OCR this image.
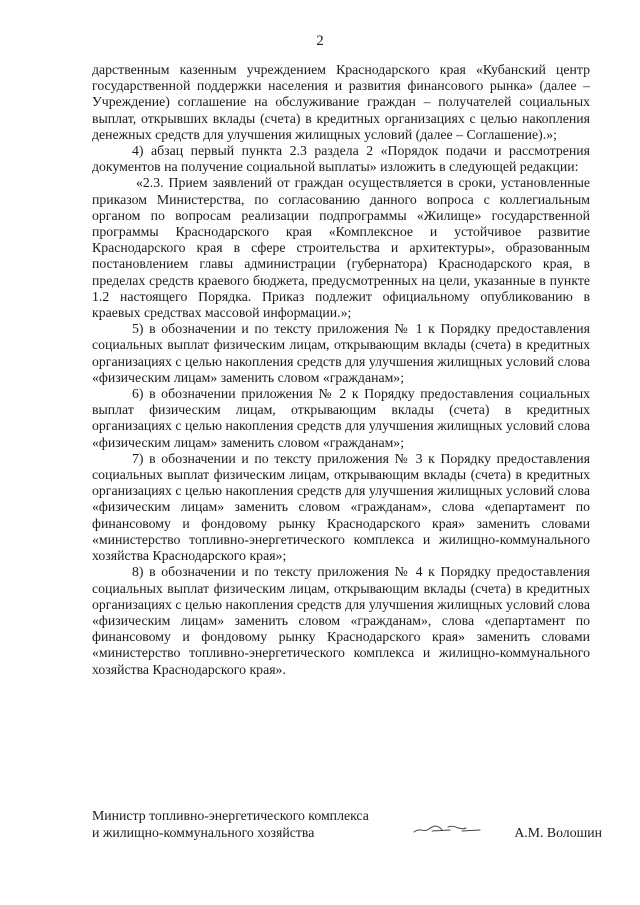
2

дарственным казенным учреждением Краснодарского края «Кубанский центр государственной поддержки населения и развития финансового рынка» (далее – Учреждение) соглашение на обслуживание граждан – получателей социальных выплат, открывших вклады (счета) в кредитных организациях с целью накопления денежных средств для улучшения жилищных условий (далее – Соглашение).»;

4) абзац первый пункта 2.3 раздела 2 «Порядок подачи и рассмотрения документов на получение социальной выплаты» изложить в следующей редакции:

«2.3. Прием заявлений от граждан осуществляется в сроки, установленные приказом Министерства, по согласованию данного вопроса с коллегиальным органом по вопросам реализации подпрограммы «Жилище» государственной программы Краснодарского края «Комплексное и устойчивое развитие Краснодарского края в сфере строительства и архитектуры», образованным постановлением главы администрации (губернатора) Краснодарского края, в пределах средств краевого бюджета, предусмотренных на цели, указанные в пункте 1.2 настоящего Порядка. Приказ подлежит официальному опубликованию в краевых средствах массовой информации.»;

5) в обозначении и по тексту приложения № 1 к Порядку предоставления социальных выплат физическим лицам, открывающим вклады (счета) в кредитных организациях с целью накопления средств для улучшения жилищных условий слова «физическим лицам» заменить словом «гражданам»;

6) в обозначении приложения № 2 к Порядку предоставления социальных выплат физическим лицам, открывающим вклады (счета) в кредитных организациях с целью накопления средств для улучшения жилищных условий слова «физическим лицам» заменить словом «гражданам»;

7) в обозначении и по тексту приложения № 3 к Порядку предоставления социальных выплат физическим лицам, открывающим вклады (счета) в кредитных организациях с целью накопления средств для улучшения жилищных условий слова «физическим лицам» заменить словом «гражданам», слова «департамент по финансовому и фондовому рынку Краснодарского края» заменить словами «министерство топливно-энергетического комплекса и жилищно-коммунального хозяйства Краснодарского края»;

8) в обозначении и по тексту приложения № 4 к Порядку предоставления социальных выплат физическим лицам, открывающим вклады (счета) в кредитных организациях с целью накопления средств для улучшения жилищных условий слова «физическим лицам» заменить словом «гражданам», слова «департамент по финансовому и фондовому рынку Краснодарского края» заменить словами «министерство топливно-энергетического комплекса и жилищно-коммунального хозяйства Краснодарского края».

Министр топливно-энергетического комплекса
и жилищно-коммунального хозяйства	А.М. Волошин
